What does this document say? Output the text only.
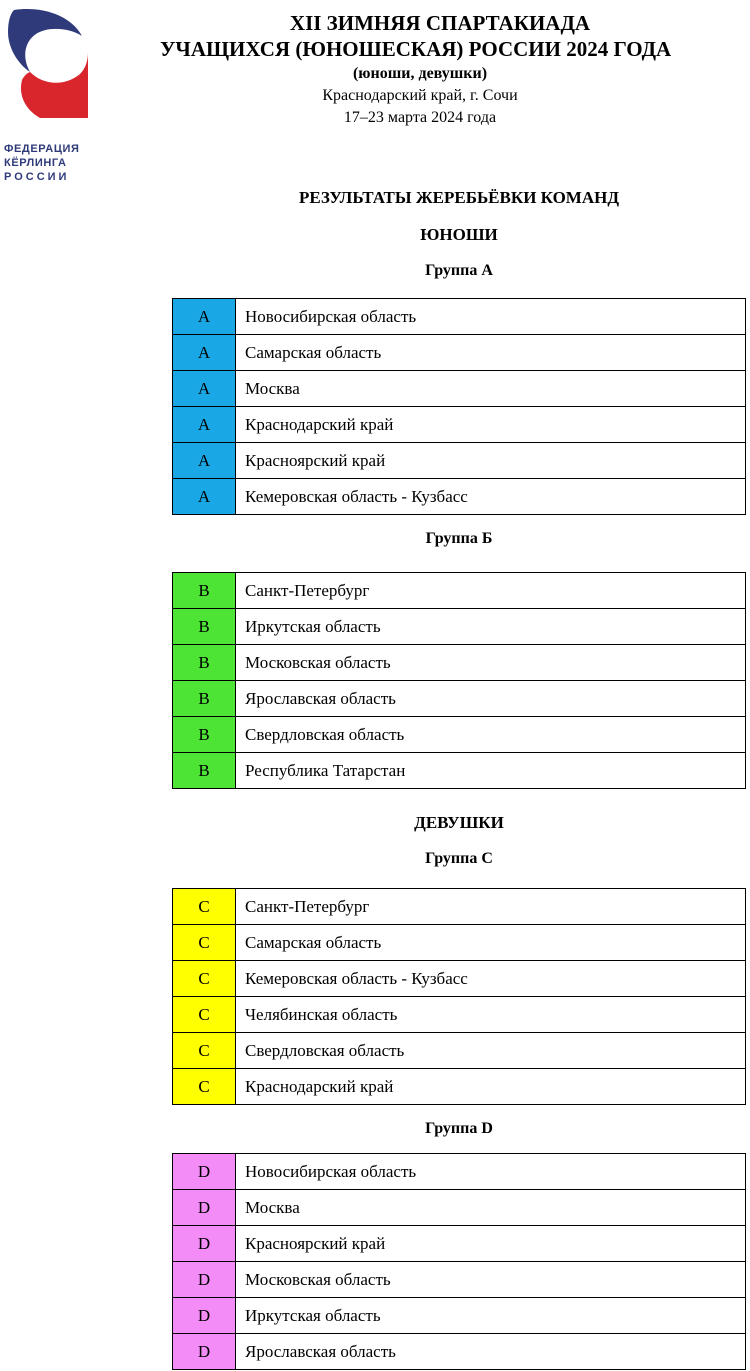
ФЕДЕРАЦИЯ
КЁРЛИНГА
РОССИИ
XII ЗИМНЯЯ СПАРТАКИАДА
УЧАЩИХСЯ (ЮНОШЕСКАЯ) РОССИИ 2024 ГОДА
(юноши, девушки)
Краснодарский край, г. Сочи
17–23 марта 2024 года
РЕЗУЛЬТАТЫ ЖЕРЕБЬЁВКИ КОМАНД
ЮНОШИ
Группа А
А	Новосибирская область
А	Самарская область
А	Москва
А	Краснодарский край
А	Красноярский край
А	Кемеровская область - Кузбасс
Группа Б
В	Санкт-Петербург
В	Иркутская область
В	Московская область
В	Ярославская область
В	Свердловская область
В	Республика Татарстан
ДЕВУШКИ
Группа С
С	Санкт-Петербург
С	Самарская область
С	Кемеровская область - Кузбасс
С	Челябинская область
С	Свердловская область
С	Краснодарский край
Группа D
D	Новосибирская область
D	Москва
D	Красноярский край
D	Московская область
D	Иркутская область
D	Ярославская область
